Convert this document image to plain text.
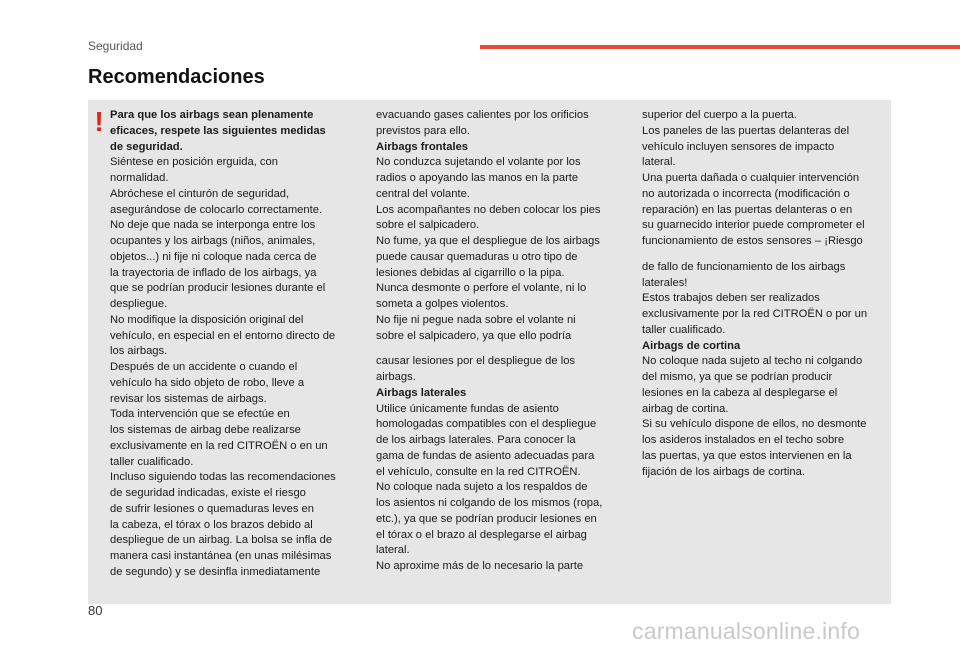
Seguridad
Recomendaciones
! Para que los airbags sean plenamente

eficaces, respete las siguientes medidas

de seguridad.

Siéntese en posición erguida, con

normalidad.

Abróchese el cinturón de seguridad,

asegurándose de colocarlo correctamente.

No deje que nada se interponga entre los

ocupantes y los airbags (niños, animales,

objetos...) ni fije ni coloque nada cerca de

la trayectoria de inflado de los airbags, ya

que se podrían producir lesiones durante el

despliegue.

No modifique la disposición original del

vehículo, en especial en el entorno directo de

los airbags.

Después de un accidente o cuando el

vehículo ha sido objeto de robo, lleve a

revisar los sistemas de airbags.

Toda intervención que se efectúe en

los sistemas de airbag debe realizarse

exclusivamente en la red CITROËN o en un

taller cualificado.

Incluso siguiendo todas las recomendaciones

de seguridad indicadas, existe el riesgo

de sufrir lesiones o quemaduras leves en

la cabeza, el tórax o los brazos debido al

despliegue de un airbag. La bolsa se infla de

manera casi instantánea (en unas milésimas

de segundo) y se desinfla inmediatamente

evacuando gases calientes por los orificios

previstos para ello.

Airbags frontales

No conduzca sujetando el volante por los

radios o apoyando las manos en la parte

central del volante.

Los acompañantes no deben colocar los pies

sobre el salpicadero.

No fume, ya que el despliegue de los airbags

puede causar quemaduras u otro tipo de

lesiones debidas al cigarrillo o la pipa.

Nunca desmonte o perfore el volante, ni lo

someta a golpes violentos.

No fije ni pegue nada sobre el volante ni

sobre el salpicadero, ya que ello podría

causar lesiones por el despliegue de los

airbags.

Airbags laterales

Utilice únicamente fundas de asiento

homologadas compatibles con el despliegue

de los airbags laterales. Para conocer la

gama de fundas de asiento adecuadas para

el vehículo, consulte en la red CITROËN.

No coloque nada sujeto a los respaldos de

los asientos ni colgando de los mismos (ropa,

etc.), ya que se podrían producir lesiones en

el tórax o el brazo al desplegarse el airbag

lateral.

No aproxime más de lo necesario la parte

superior del cuerpo a la puerta.

Los paneles de las puertas delanteras del

vehículo incluyen sensores de impacto

lateral.

Una puerta dañada o cualquier intervención

no autorizada o incorrecta (modificación o

reparación) en las puertas delanteras o en

su guarnecido interior puede comprometer el

funcionamiento de estos sensores – ¡Riesgo

de fallo de funcionamiento de los airbags

laterales!

Estos trabajos deben ser realizados

exclusivamente por la red CITROËN o por un

taller cualificado.

Airbags de cortina

No coloque nada sujeto al techo ni colgando

del mismo, ya que se podrían producir

lesiones en la cabeza al desplegarse el

airbag de cortina.

Si su vehículo dispone de ellos, no desmonte

los asideros instalados en el techo sobre

las puertas, ya que estos intervienen en la

fijación de los airbags de cortina.

80
carmanualsonline.info
